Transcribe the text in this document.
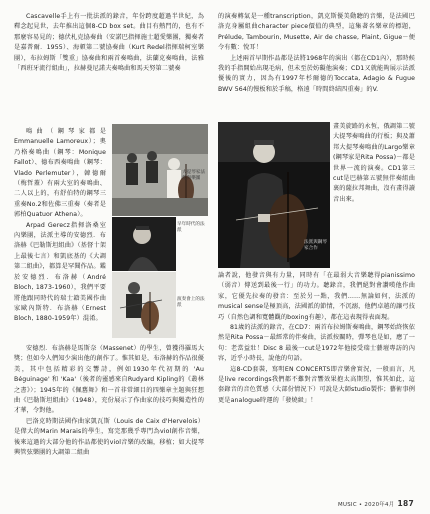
Cascavelle手上有一批法派的錄音，年份跨度超過半世紀，為釋念起見世，去年推出這個8-CD box set。曲目有熱門的，也有不那麼容易見的；德伏札克協奏曲（安諾巴指揮施士超愛樂團，獨奏者是嘉普爾．1955）、海頓第二號協奏曲（Kurt Redel指揮瑞柯室樂團），布拉姆斯「雙重」協奏曲和兩首奏鳴曲，法蘭克奏鳴曲，法雅「西班牙流行組曲」，拉赫曼尼諾夫奏鳴曲和馬天努第二號奏

鳴曲（鋼琴家都是Emmanuelle Lamoreux）；奧乃格奏鳴曲（鋼琴：Monique Fallot）、德布西奏鳴曲（鋼琴：Vlado Perlemuter），韓德爾（梅哲蓋）有兩大室的奏鳴曲、二人以上的，有舒伯特的鋼琴三重奏No.2和佐佛三重奏（奏者是郭柏Quatuor Athena）。

Arpad Gerecz指揮洛桑室內樂團，法派主導的安德烈．布洛赫《巴勒斯坦組曲》（基督十架上最後七言）和凱底基的《大調第二組曲》，都算是罕聞作品。鑑於安德烈．布洛赫（André Bloch, 1873-1960），我們平要將他跟同時代的瑞士籍美國作曲家歐內斯特．布洛赫（Ernest Bloch, 1880-1959年）混淆。

大提琴家法派與樂團
早年時代的法派
演奏會上的法派

安德烈．布洛赫是馬斯奈（Massenet）的學生，曾獲得羅馬大獎；但如今人們知少演出他的創作了。惟其如是，布洛赫的作品很優美，其中包括精彩的交響詩，例如1930年代初期的 'Au Béguinage' 和 'Kaa'（後者的靈感來自Rudyard Kipling的《叢林之書》）；1945年的《佩舊舞》和一首非常細目的四樂章主題與狂想曲《巴勒斯坦組曲》（1948），充份展示了作曲家的技巧與獨造性的才華，令對他。

巴洛克時期法國作曲家凱瓦斯（Louis de Caix d'Hervelois）是偉大的Marin Marais的學生，寫完那幾乎專門為viol創作音樂，後來這過的大部分他的作品都使的viol音樂的改編，移植；如大提琴興管弦樂團的大調第二組曲

的演奏轉氣是一種transcription，凱克斯優美動聽的音樂，是法國巴洛克身屬組曲character piece價值的典型，這集著名樂章的標題，Prélude, Tambourin, Musette, Air de chasse, Plaint, Gigue－便令有數：悅耳！

上述兩首早期作品都是法將1968年的演出（都在CD1內），那時候我的手指開始出現毛病，但未至於妨礙他演奏；CD1又就能夠展示法派優後的實力，因為有1997年杉爾德的Toccata, Adagio & Fugue BWV 564的慢板和於手稿，格遠「時間終結四重奏」的V.

法派與鋼琴家合作

畫美旋路的永恆，俄調第二號大提琴奏鳴曲的行板；與及蕭邦大提琴奏鳴曲的Largo樂章(鋼琴家是Rita Possa)－都是世界一流的演奏。CD1第三cut是巴赫第五號無伴奏組曲裏的薩拉邦舞曲，沒有畫得讀音出來。

論者說，他發音與有力量，同時有「在最弱大音樂聽得pianissimo（弱音）傳送到最後一行」的功力。聽錄音，我們絕對會讚嘆他作曲家，它優先拉奏的發音：至於另一點，我們……無論如何，法派的musical sense是極頂高，法國派的節情，不沉溺，他們卓越的讓弓技巧（自然色調和寬體觀的boxing有趣），都在這表現得表面現。

81歲的法派的錄音，在CD7：兩首布拉姆斯奏鳴曲，鋼琴始終恢依然是Rita Possa－最經常的伴奏曲，法派按關時，彈琴也是如，應了一句：老當益壯！Disc 8 最後一cut是1972年他接受瑞士藝壇專訪的內容，近乎小時長，說他的句語。

這8-CD套裝，寫明EN CONCERTS即音樂會實況，一般而言，凡是live recordings我們都不難對音響效果抱太高期望，惟其如此，這套錄音的音色質感（大部份情況下）可說是大師studio製作；藝術事例更是analogue時運的「發燒級」！

MUSIC • 2020年4月 187
